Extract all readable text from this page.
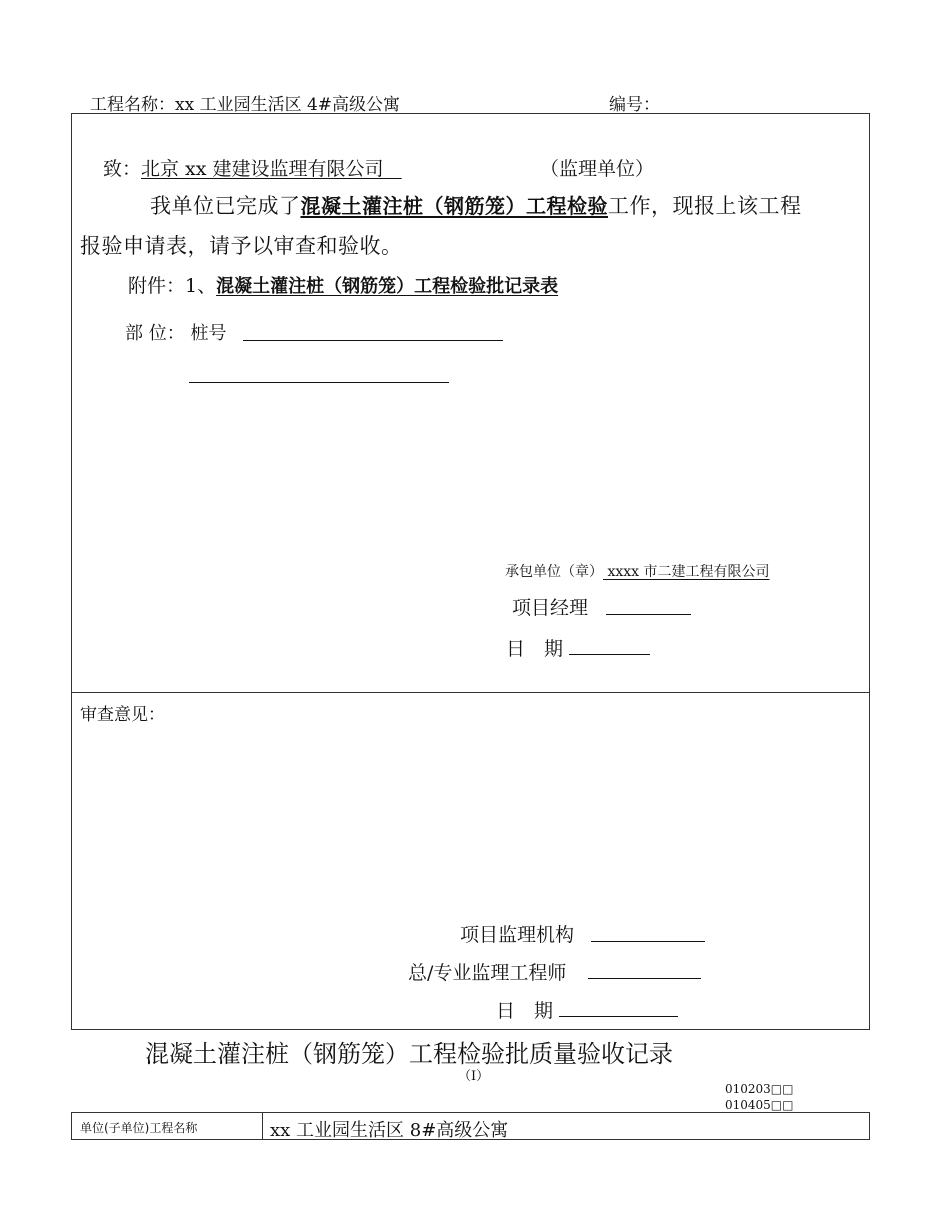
工程名称：xx 工业园生活区 4#高级公寓	编号：
致：北京 xx 建建设监理有限公司	（监理单位）
我单位已完成了混凝土灌注桩（钢筋笼）工程检验工作，现报上该工程
报验申请表，请予以审查和验收。
附件：1、混凝土灌注桩（钢筋笼）工程检验批记录表
部 位： 桩号
承包单位（章） xxxx 市二建工程有限公司
项目经理
日　期
审查意见：
项目监理机构
总/专业监理工程师
日　期
混凝土灌注桩（钢筋笼）工程检验批质量验收记录
（Ⅰ）
010203□□
010405□□
单位(子单位)工程名称	xx 工业园生活区 8#高级公寓
